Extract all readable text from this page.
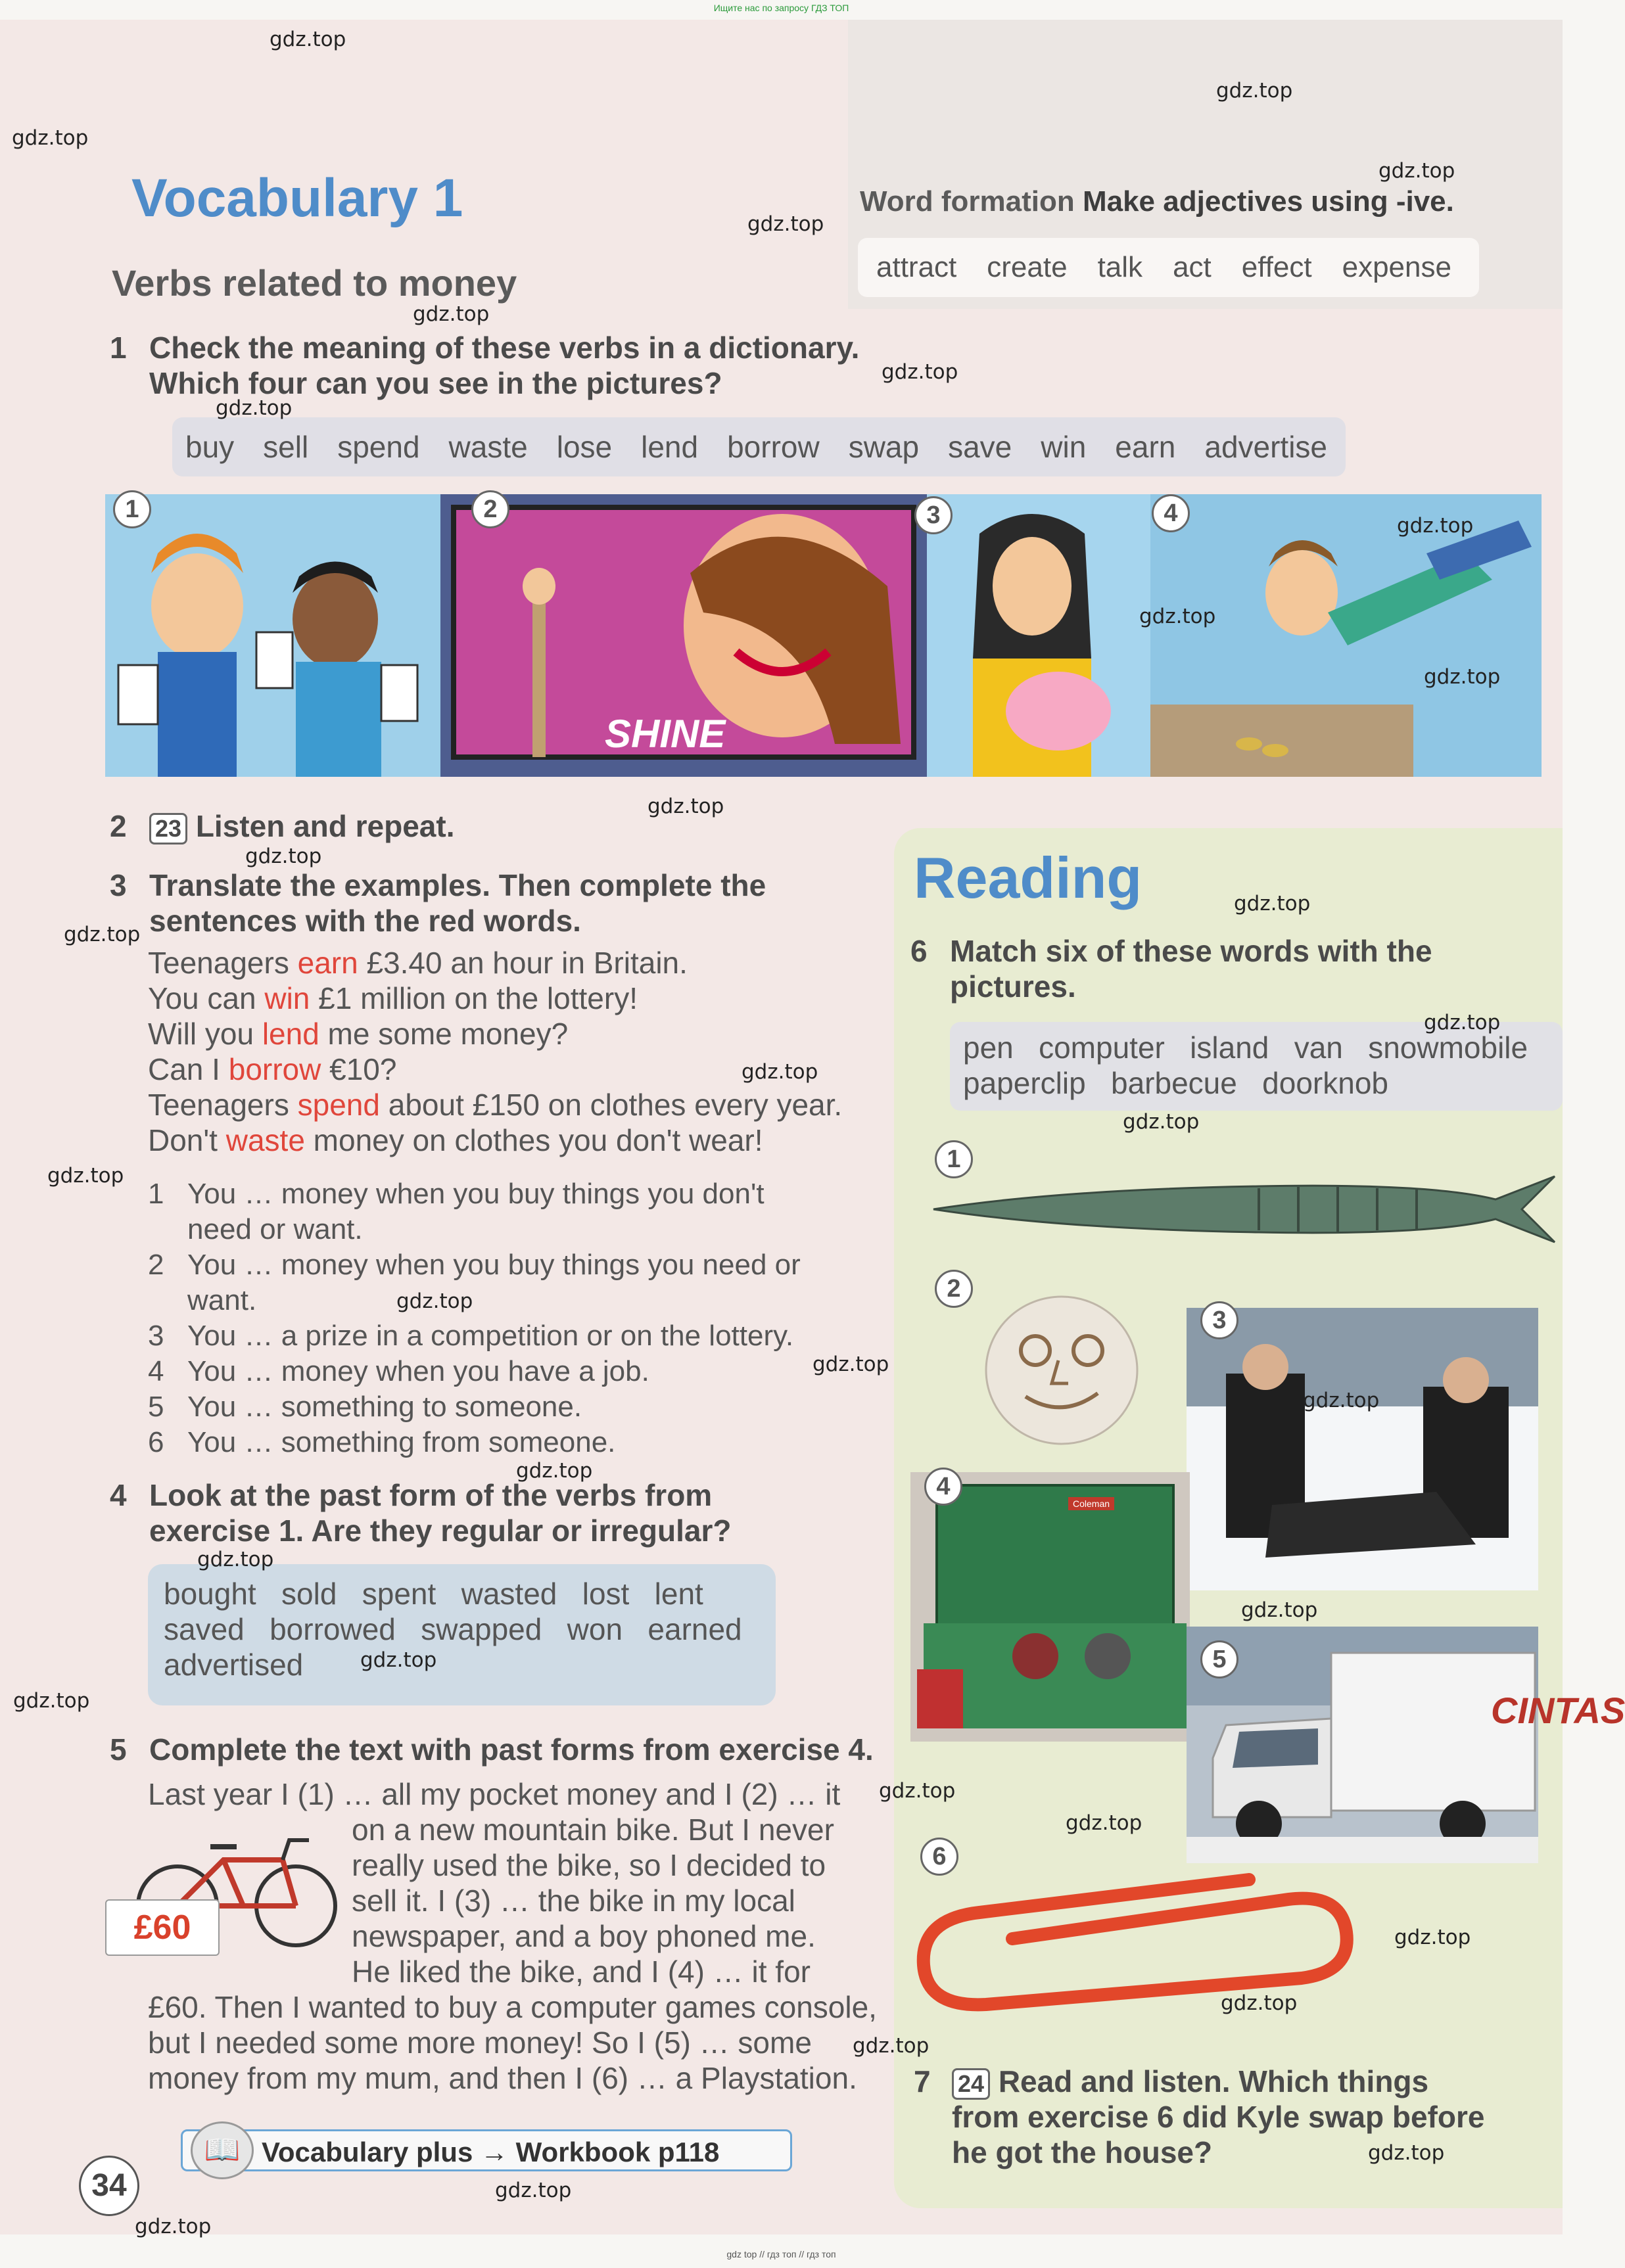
Ищите нас по запросу ГДЗ ТОП
Vocabulary 1
Verbs related to money
Word formation Make adjectives using -ive.
attract create talk act effect expense
1 Check the meaning of these verbs in a dictionary.
Which four can you see in the pictures?
buy sell spend waste lose lend borrow swap save win earn advertise
SHINE
1	2	3	4
2 23 Listen and repeat.
3 Translate the examples. Then complete the
sentences with the red words.
Teenagers earn £3.40 an hour in Britain.
You can win £1 million on the lottery!
Will you lend me some money?
Can I borrow €10?
Teenagers spend about £150 on clothes every year.
Don't waste money on clothes you don't wear!
1 You … money when you buy things you don't
need or want.
2 You … money when you buy things you need or
want.
3 You … a prize in a competition or on the lottery.
4 You … money when you have a job.
5 You … something to someone.
6 You … something from someone.
4 Look at the past form of the verbs from
exercise 1. Are they regular or irregular?
bought   sold   spent   wasted   lost   lent
saved   borrowed   swapped   won   earned
advertised
5 Complete the text with past forms from exercise 4.
Last year I (1) … all my pocket money and I (2) … it
on a new mountain bike. But I never
really used the bike, so I decided to
sell it. I (3) … the bike in my local
newspaper, and a boy phoned me.
He liked the bike, and I (4) … it for
£60. Then I wanted to buy a computer games console,
but I needed some more money! So I (5) … some
money from my mum, and then I (6) … a Playstation.
£60
Vocabulary plus → Workbook p118
📖
34
Reading
6 Match six of these words with the
pictures.
pen   computer   island   van   snowmobile
paperclip   barbecue   doorknob
1
2
3
Coleman
4
CINTAS
5
6
7 24 Read and listen. Which things
from exercise 6 did Kyle swap before
he got the house?
gdz.top
gdz.top
gdz.top
gdz.top
gdz.top
gdz.top
gdz.top
gdz.top
gdz.top
gdz.top
gdz.top
gdz.top
gdz.top
gdz.top
gdz.top
gdz.top
gdz.top
gdz.top
gdz.top
gdz.top
gdz.top
gdz.top
gdz.top
gdz.top
gdz.top
gdz.top
gdz.top
gdz.top
gdz.top
gdz.top
gdz.top
gdz.top
gdz.top
gdz.top
gdz.top
gdz top // гдз топ // гдз топ
